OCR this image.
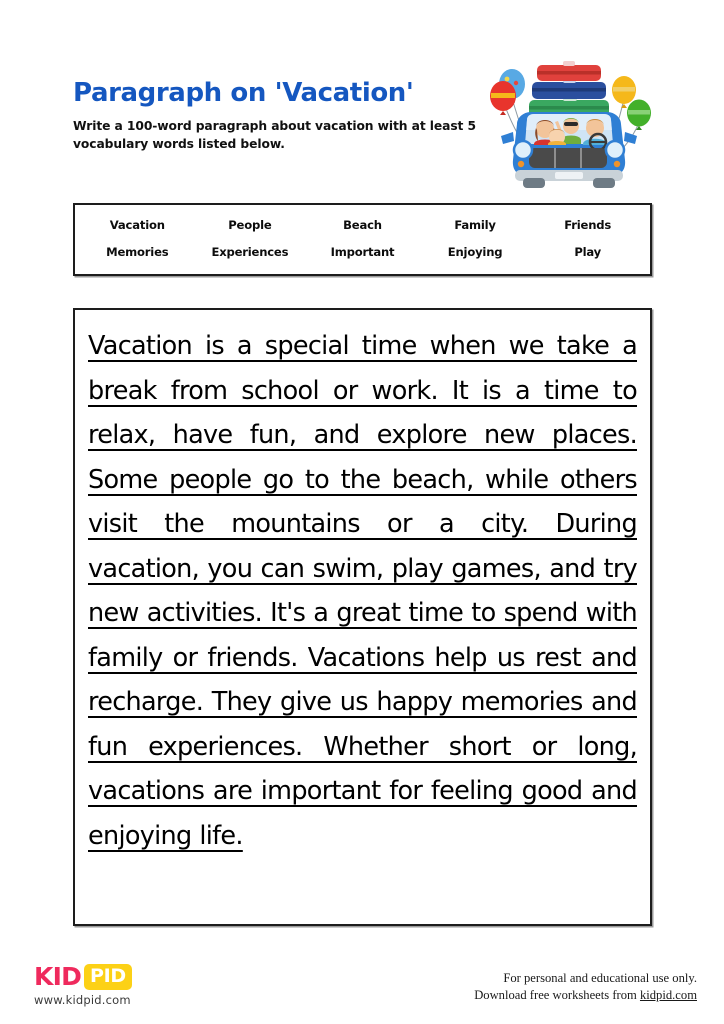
Paragraph on 'Vacation'
Write a 100-word paragraph about vacation with at least 5 vocabulary words listed below.
Vacation	People	Beach	Family	Friends
Memories	Experiences	Important	Enjoying	Play
Vacation is a special time when we take a break from school or work. It is a time to relax, have fun, and explore new places. Some people go to the beach, while others visit the mountains or a city. During vacation, you can swim, play games, and try new activities. It's a great time to spend with family or friends. Vacations help us rest and recharge. They give us happy memories and fun experiences. Whether short or long, vacations are important for feeling good and enjoying life.
KID PID
www.kidpid.com
For personal and educational use only.
Download free worksheets from kidpid.com
